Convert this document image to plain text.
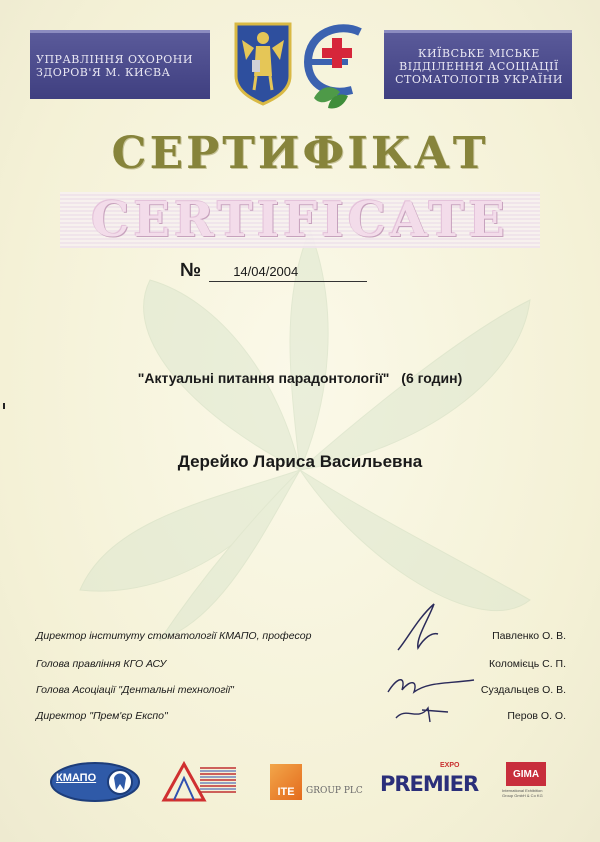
УПРАВЛІННЯ ОХОРОНИ
ЗДОРОВ'Я М. КИЄВА
КИЇВСЬКЕ МІСЬКЕ
ВІДДІЛЕННЯ АСОЦІАЦІЇ
СТОМАТОЛОГІВ УКРАЇНИ
СЕРТИФІКАТ
CERTIFICATE
№	14/04/2004
"Актуальні питання парадонтології" (6 годин)
Дерейко Лариса Васильевна
Директор інституту стоматології КМАПО, професор	Павленко О. В.
Голова правління КГО АСУ	Коломієць С. П.
Голова Асоціації "Дентальні технології"	Суздальцев О. В.
Директор "Прем'єр Експо"	Перов О. О.
КМАПО
ITE	GROUP PLC PREMIER
EXPO
GIMA
International Exhibition Group GmbH & Co KG
